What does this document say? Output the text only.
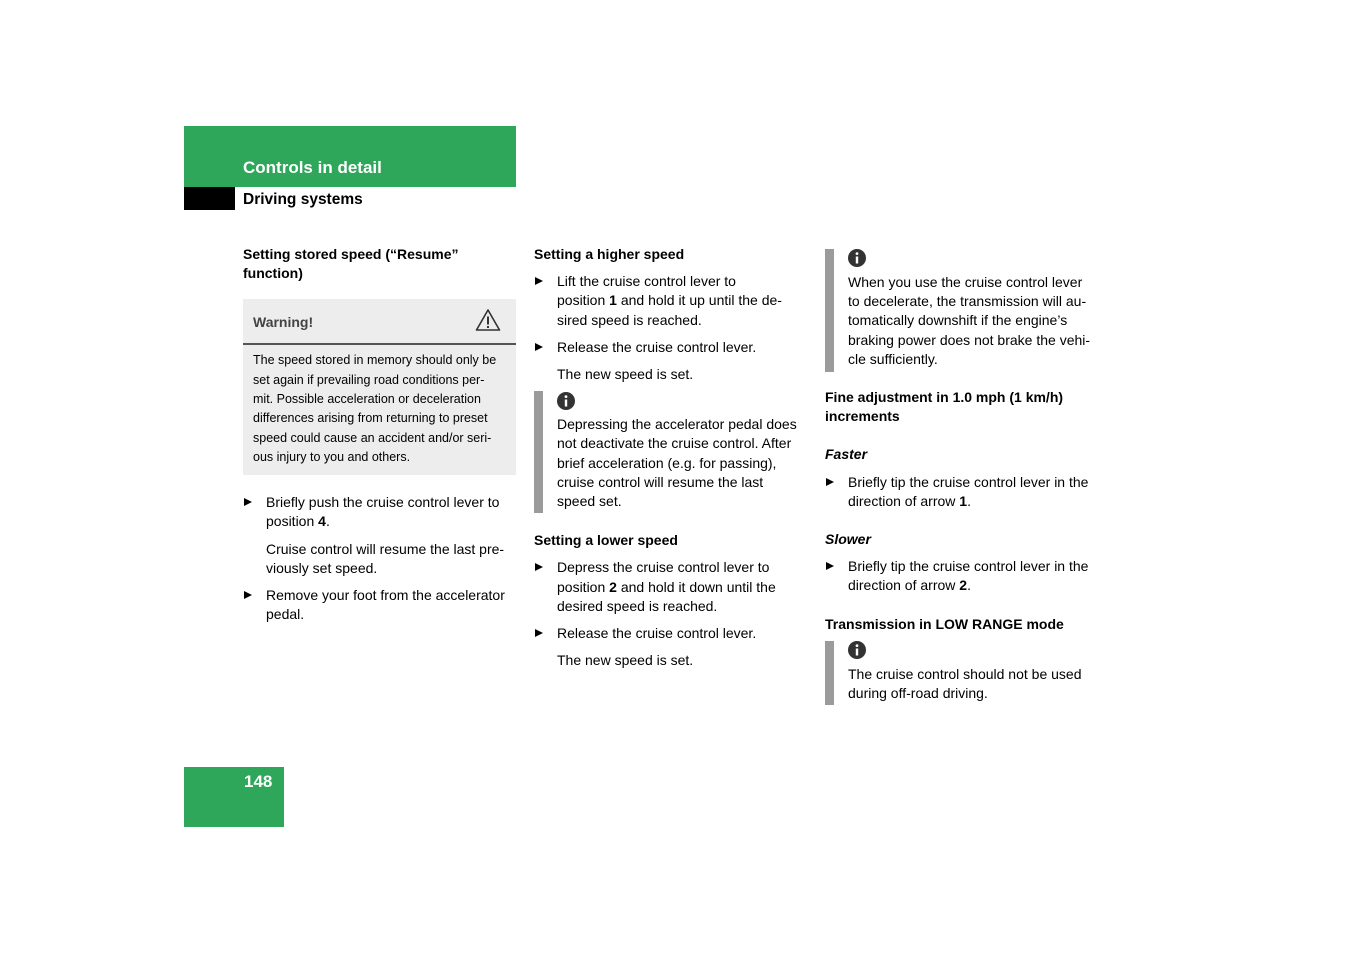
Controls in detail
Driving systems

Setting stored speed (“Resume”
function)

Warning!
The speed stored in memory should only be
set again if prevailing road conditions per-
mit. Possible acceleration or deceleration
differences arising from returning to preset
speed could cause an accident and/or seri-
ous injury to you and others.

Briefly push the cruise control lever to
position 4.

Cruise control will resume the last pre-
viously set speed.

Remove your foot from the accelerator
pedal.

Setting a higher speed

Lift the cruise control lever to
position 1 and hold it up until the de-
sired speed is reached.

Release the cruise control lever.

The new speed is set.

Depressing the accelerator pedal does
not deactivate the cruise control. After
brief acceleration (e.g. for passing),
cruise control will resume the last
speed set.

Setting a lower speed

Depress the cruise control lever to
position 2 and hold it down until the
desired speed is reached.

Release the cruise control lever.

The new speed is set.

When you use the cruise control lever
to decelerate, the transmission will au-
tomatically downshift if the engine’s
braking power does not brake the vehi-
cle sufficiently.

Fine adjustment in 1.0 mph (1 km/h)
increments

Faster

Briefly tip the cruise control lever in the
direction of arrow 1.

Slower

Briefly tip the cruise control lever in the
direction of arrow 2.

Transmission in LOW RANGE mode

The cruise control should not be used
during off-road driving.

148
